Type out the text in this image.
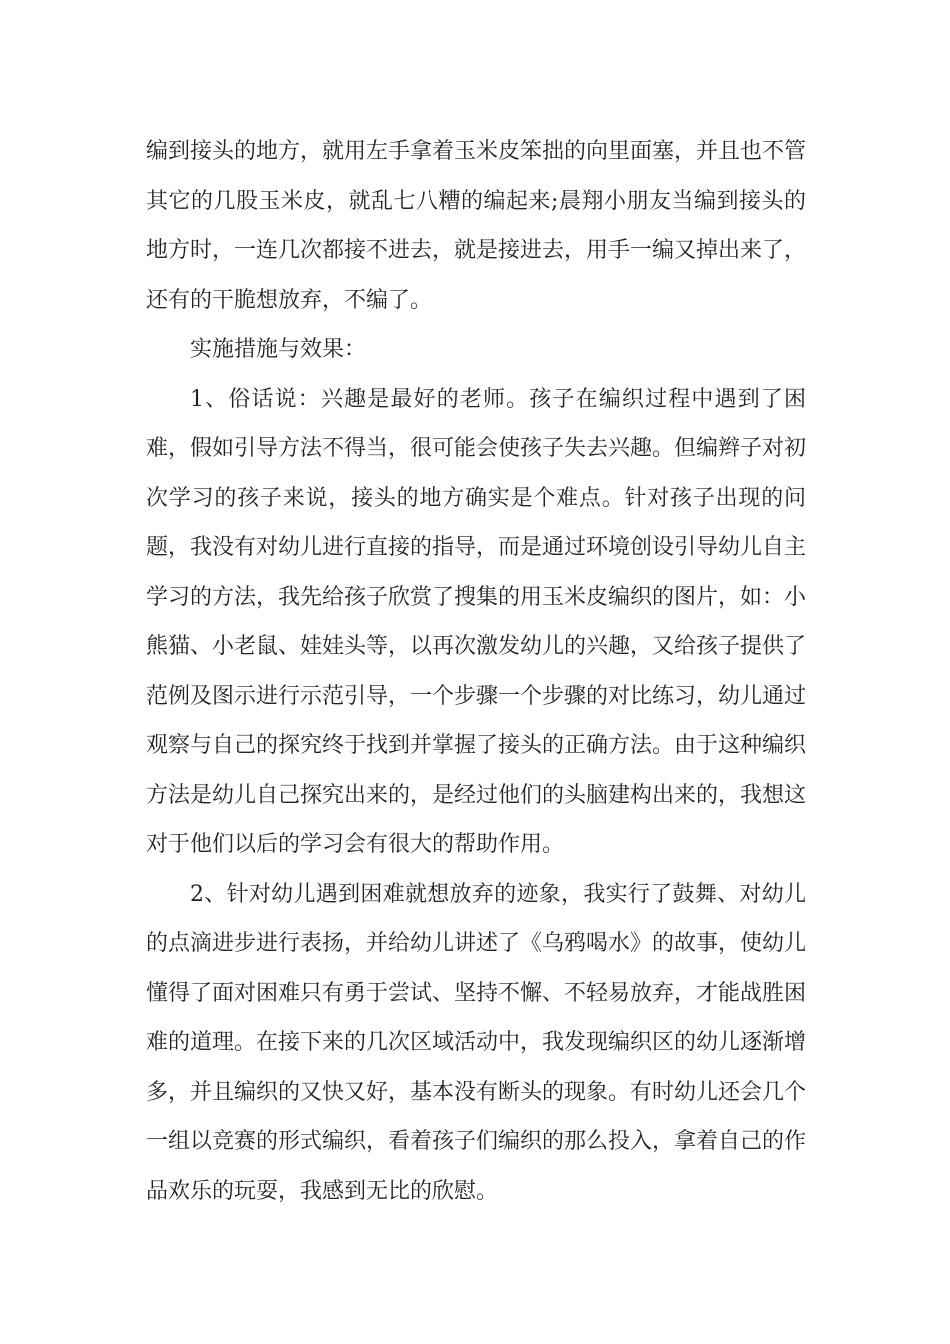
编到接头的地方，就用左手拿着玉米皮笨拙的向里面塞，并且也不管其它的几股玉米皮，就乱七八糟的编起来;晨翔小朋友当编到接头的地方时，一连几次都接不进去，就是接进去，用手一编又掉出来了，还有的干脆想放弃，不编了。

实施措施与效果：

1、俗话说：兴趣是最好的老师。孩子在编织过程中遇到了困难，假如引导方法不得当，很可能会使孩子失去兴趣。但编辫子对初次学习的孩子来说，接头的地方确实是个难点。针对孩子出现的问题，我没有对幼儿进行直接的指导，而是通过环境创设引导幼儿自主学习的方法，我先给孩子欣赏了搜集的用玉米皮编织的图片，如：小熊猫、小老鼠、娃娃头等，以再次激发幼儿的兴趣，又给孩子提供了范例及图示进行示范引导，一个步骤一个步骤的对比练习，幼儿通过观察与自己的探究终于找到并掌握了接头的正确方法。由于这种编织方法是幼儿自己探究出来的，是经过他们的头脑建构出来的，我想这对于他们以后的学习会有很大的帮助作用。

2、针对幼儿遇到困难就想放弃的迹象，我实行了鼓舞、对幼儿的点滴进步进行表扬，并给幼儿讲述了《乌鸦喝水》的故事，使幼儿懂得了面对困难只有勇于尝试、坚持不懈、不轻易放弃，才能战胜困难的道理。在接下来的几次区域活动中，我发现编织区的幼儿逐渐增多，并且编织的又快又好，基本没有断头的现象。有时幼儿还会几个一组以竞赛的形式编织，看着孩子们编织的那么投入，拿着自己的作品欢乐的玩耍，我感到无比的欣慰。
